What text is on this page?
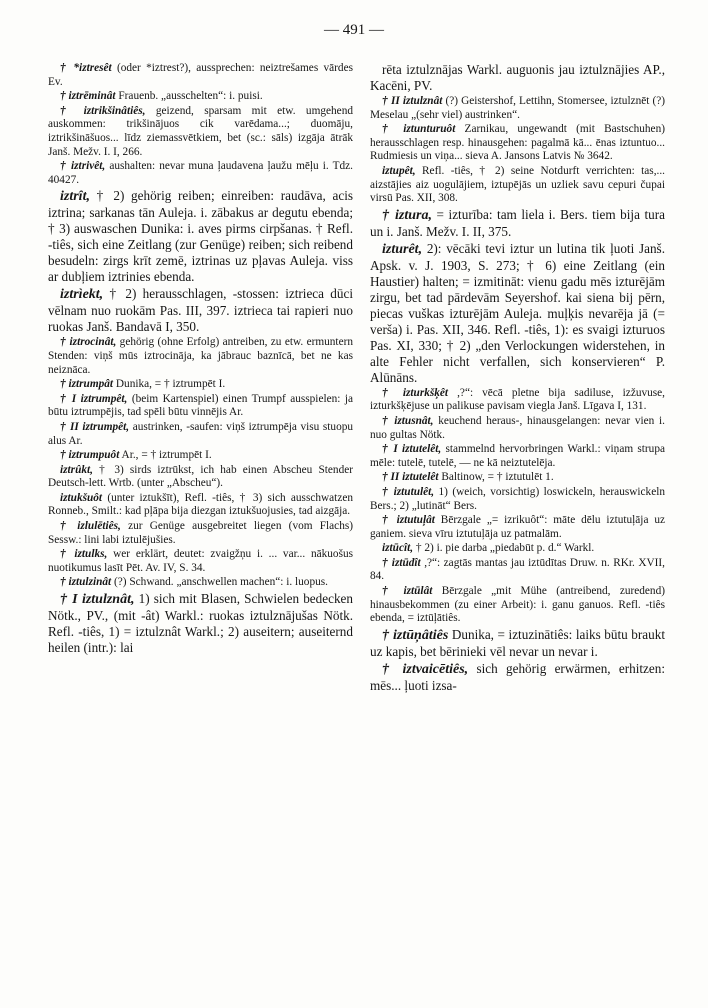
— 491 —

† *iztresêt (oder *iztrest?), aussprechen: neiztrešames vārdes Ev.

† iztrēminât Frauenb. „ausschelten“: i. puisi.

† iztrikšinâtiês, geizend, sparsam mit etw. umgehend auskommen: trikšinājuos cik varēdama...; duomāju, iztrikšināšuos... līdz ziemassvētkiem, bet (sc.: sāls) izgāja ātrāk Janš. Mežv. I. I, 266.

† iztrivêt, aushalten: nevar muna ļaudavena ļaužu mēļu i. Tdz. 40427.

iztrît, † 2) gehörig reiben; einreiben: raudāva, acis iztrina; sarkanas tān Auleja. i. zābakus ar degutu ebenda; † 3) auswaschen Dunika: i. aves pirms cirpšanas. † Refl. -tiês, sich eine Zeitlang (zur Genüge) reiben; sich reibend besudeln: zirgs krīt zemē, iztrinas uz pļavas Auleja. viss ar dubļiem iztrinies ebenda.

iztrìekt, † 2) herausschlagen, -stossen: iztrieca dūci vēlnam nuo ruokām Pas. III, 397. iztrieca tai rapieri nuo ruokas Janš. Bandavā I, 350.

† iztrocinât, gehörig (ohne Erfolg) antreiben, zu etw. ermuntern Stenden: viņš mūs iztrocināja, ka jābrauc baznīcā, bet ne kas neiznāca.

† iztrumpât Dunika, = † iztrumpēt I.

† I iztrumpêt, (beim Kartenspiel) einen Trumpf ausspielen: ja būtu iztrumpējis, tad spēli būtu vinnējis Ar.

† II iztrumpêt, austrinken, -saufen: viņš iztrumpēja visu stuopu alus Ar.

† iztrumpuôt Ar., = † iztrumpēt I.

iztrûkt, † 3) sirds iztrūkst, ich hab einen Abscheu Stender Deutsch-lett. Wrtb. (unter „Abscheu“).

iztukšuôt (unter iztukšīt), Refl. -tiês, † 3) sich ausschwatzen Ronneb., Smilt.: kad pļāpa bija diezgan iztukšuojusies, tad aizgāja.

† izlulētiês, zur Genüge ausgebreitet liegen (vom Flachs) Sessw.: lini labi iztulējušies.

† iztulks, wer erklärt, deutet: zvaigžņu i. ... var... nākuošus nuotikumus lasīt Pēt. Av. IV, S. 34.

† iztulzinât (?) Schwand. „anschwellen machen“: i. luopus.

† I iztulznât, 1) sich mit Blasen, Schwielen bedecken Nötk., PV., (mit -ât) Warkl.: ruokas iztulznājušas Nötk. Refl. -tiês, 1) = iztulznât Warkl.; 2) auseitern; auseiternd heilen (intr.): lai

rēta iztulznājas Warkl. auguonis jau iztulznājies AP., Kacēni, PV.

† II iztulznât (?) Geistershof, Lettihn, Stomersee, iztulznēt (?) Meselau „(sehr viel) austrinken“.

† iztunturuôt Zarnikau, ungewandt (mit Bastschuhen) herausschlagen resp. hinausgehen: pagalmā kā... ēnas iztuntuo... Rudmiesis un viņa... sieva A. Jansons Latvis № 3642.

iztupêt, Refl. -tiês, † 2) seine Notdurft verrichten: tas,... aizstājies aiz uogulājiem, iztupējās un uzliek savu cepuri čupai virsū Pas. XII, 308.

† iztura, = izturība: tam liela i. Bers. tiem bija tura un i. Janš. Mežv. I. II, 375.

izturêt, 2): vēcāki tevi iztur un lutina tik ļuoti Janš. Apsk. v. J. 1903, S. 273; † 6) eine Zeitlang (ein Haustier) halten; = izmitināt: vienu gadu mēs izturējām zirgu, bet tad pārdevām Seyershof. kai siena bij pērn, piecas vuškas izturējām Auleja. muļķis nevarēja jā (= verša) i. Pas. XII, 346. Refl. -tiês, 1): es svaigi izturuos Pas. XI, 330; † 2) „den Verlockungen widerstehen, in alte Fehler nicht verfallen, sich konservieren“ P. Alūnāns.

† izturkšķêt ,?“: vēcā pletne bija sadiluse, izžuvuse, izturkšķējuse un palikuse pavisam viegla Janš. Līgava I, 131.

† iztusnât, keuchend heraus-, hinausgelangen: nevar vien i. nuo gultas Nötk.

† I iztutelêt, stammelnd hervorbringen Warkl.: viņam strupa mēle: tutelē, tutelē, — ne kā neiztutelēja.

† II iztutelêt Baltinow, = † iztutulēt 1.

† iztutulêt, 1) (weich, vorsichtig) loswickeln, herauswickeln Bers.; 2) „lutināt“ Bers.

† iztutuļât Bērzgale „= izrikuôt“: māte dēlu iztutuļāja uz ganiem. sieva vīru iztutuļāja uz patmalām.

iztūcît, † 2) i. pie darba „piedabūt p. d.“ Warkl.

† iztūdît ,?“: zagtās mantas jau iztūdītas Druw. n. RKr. XVII, 84.

† iztūlât Bērzgale „mit Mühe (antreibend, zuredend) hinausbekommen (zu einer Arbeit): i. ganu ganuos. Refl. -tiês ebenda, = iztūļātiês.

† iztūņâtiês Dunika, = iztuzinātiês: laiks būtu braukt uz kapis, bet bērinieki vēl nevar un nevar i.

† iztvaicētiês, sich gehörig erwärmen, erhitzen: mēs... ļuoti izsa-
